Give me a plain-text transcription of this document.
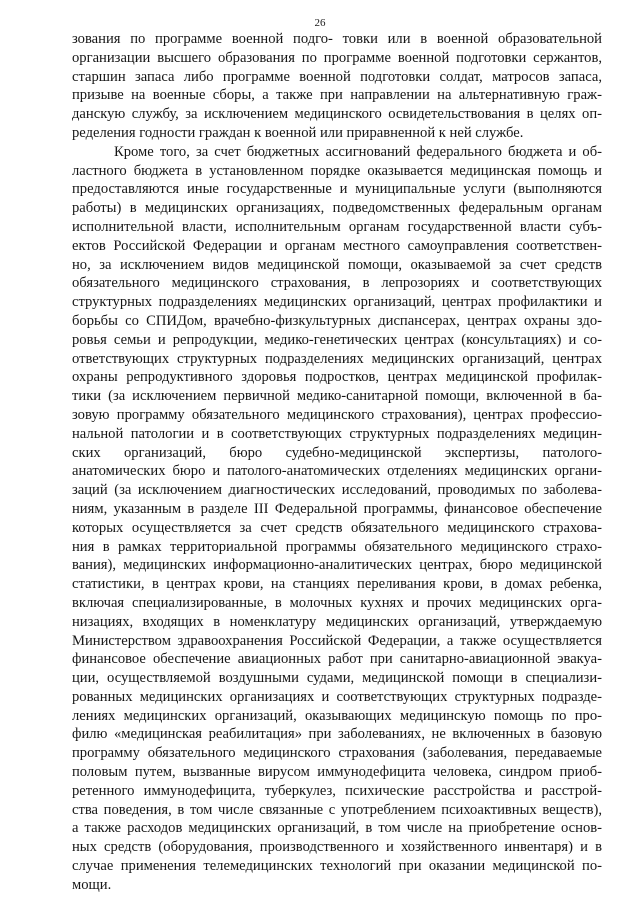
26
зования по программе военной подго- товки или в военной образовательной
организации высшего образования по программе военной подготовки сержантов,
старшин запаса либо программе военной подготовки солдат, матросов запаса,
призыве на военные сборы, а также при направлении на альтернативную граж-
данскую службу, за исключением медицинского освидетельствования в целях оп-
ределения годности граждан к военной или приравненной к ней службе.
Кроме того, за счет бюджетных ассигнований федерального бюджета и об-
ластного бюджета в установленном порядке оказывается медицинская помощь и
предоставляются иные государственные и муниципальные услуги (выполняются
работы) в медицинских организациях, подведомственных федеральным органам
исполнительной власти, исполнительным органам государственной власти субъ-
ектов Российской Федерации и органам местного самоуправления соответствен-
но, за исключением видов медицинской помощи, оказываемой за счет средств
обязательного медицинского страхования, в лепрозориях и соответствующих
структурных подразделениях медицинских организаций, центрах профилактики и
борьбы со СПИДом, врачебно-физкультурных диспансерах, центрах охраны здо-
ровья семьи и репродукции, медико-генетических центрах (консультациях) и со-
ответствующих структурных подразделениях медицинских организаций, центрах
охраны репродуктивного здоровья подростков, центрах медицинской профилак-
тики (за исключением первичной медико-санитарной помощи, включенной в ба-
зовую программу обязательного медицинского страхования), центрах профессио-
нальной патологии и в соответствующих структурных подразделениях медицин-
ских организаций, бюро судебно-медицинской экспертизы, патолого-
анатомических бюро и патолого-анатомических отделениях медицинских органи-
заций (за исключением диагностических исследований, проводимых по заболева-
ниям, указанным в разделе III Федеральной программы, финансовое обеспечение
которых осуществляется за счет средств обязательного медицинского страхова-
ния в рамках территориальной программы обязательного медицинского страхо-
вания), медицинских информационно-аналитических центрах, бюро медицинской
статистики, в центрах крови, на станциях переливания крови, в домах ребенка,
включая специализированные, в молочных кухнях и прочих медицинских орга-
низациях, входящих в номенклатуру медицинских организаций, утверждаемую
Министерством здравоохранения Российской Федерации, а также осуществляется
финансовое обеспечение авиационных работ при санитарно-авиационной эвакуа-
ции, осуществляемой воздушными судами, медицинской помощи в специализи-
рованных медицинских организациях и соответствующих структурных подразде-
лениях медицинских организаций, оказывающих медицинскую помощь по про-
филю «медицинская реабилитация» при заболеваниях, не включенных в базовую
программу обязательного медицинского страхования (заболевания, передаваемые
половым путем, вызванные вирусом иммунодефицита человека, синдром приоб-
ретенного иммунодефицита, туберкулез, психические расстройства и расстрой-
ства поведения, в том числе связанные с употреблением психоактивных веществ),
а также расходов медицинских организаций, в том числе на приобретение основ-
ных средств (оборудования, производственного и хозяйственного инвентаря) и в
случае применения телемедицинских технологий при оказании медицинской по-
мощи.
